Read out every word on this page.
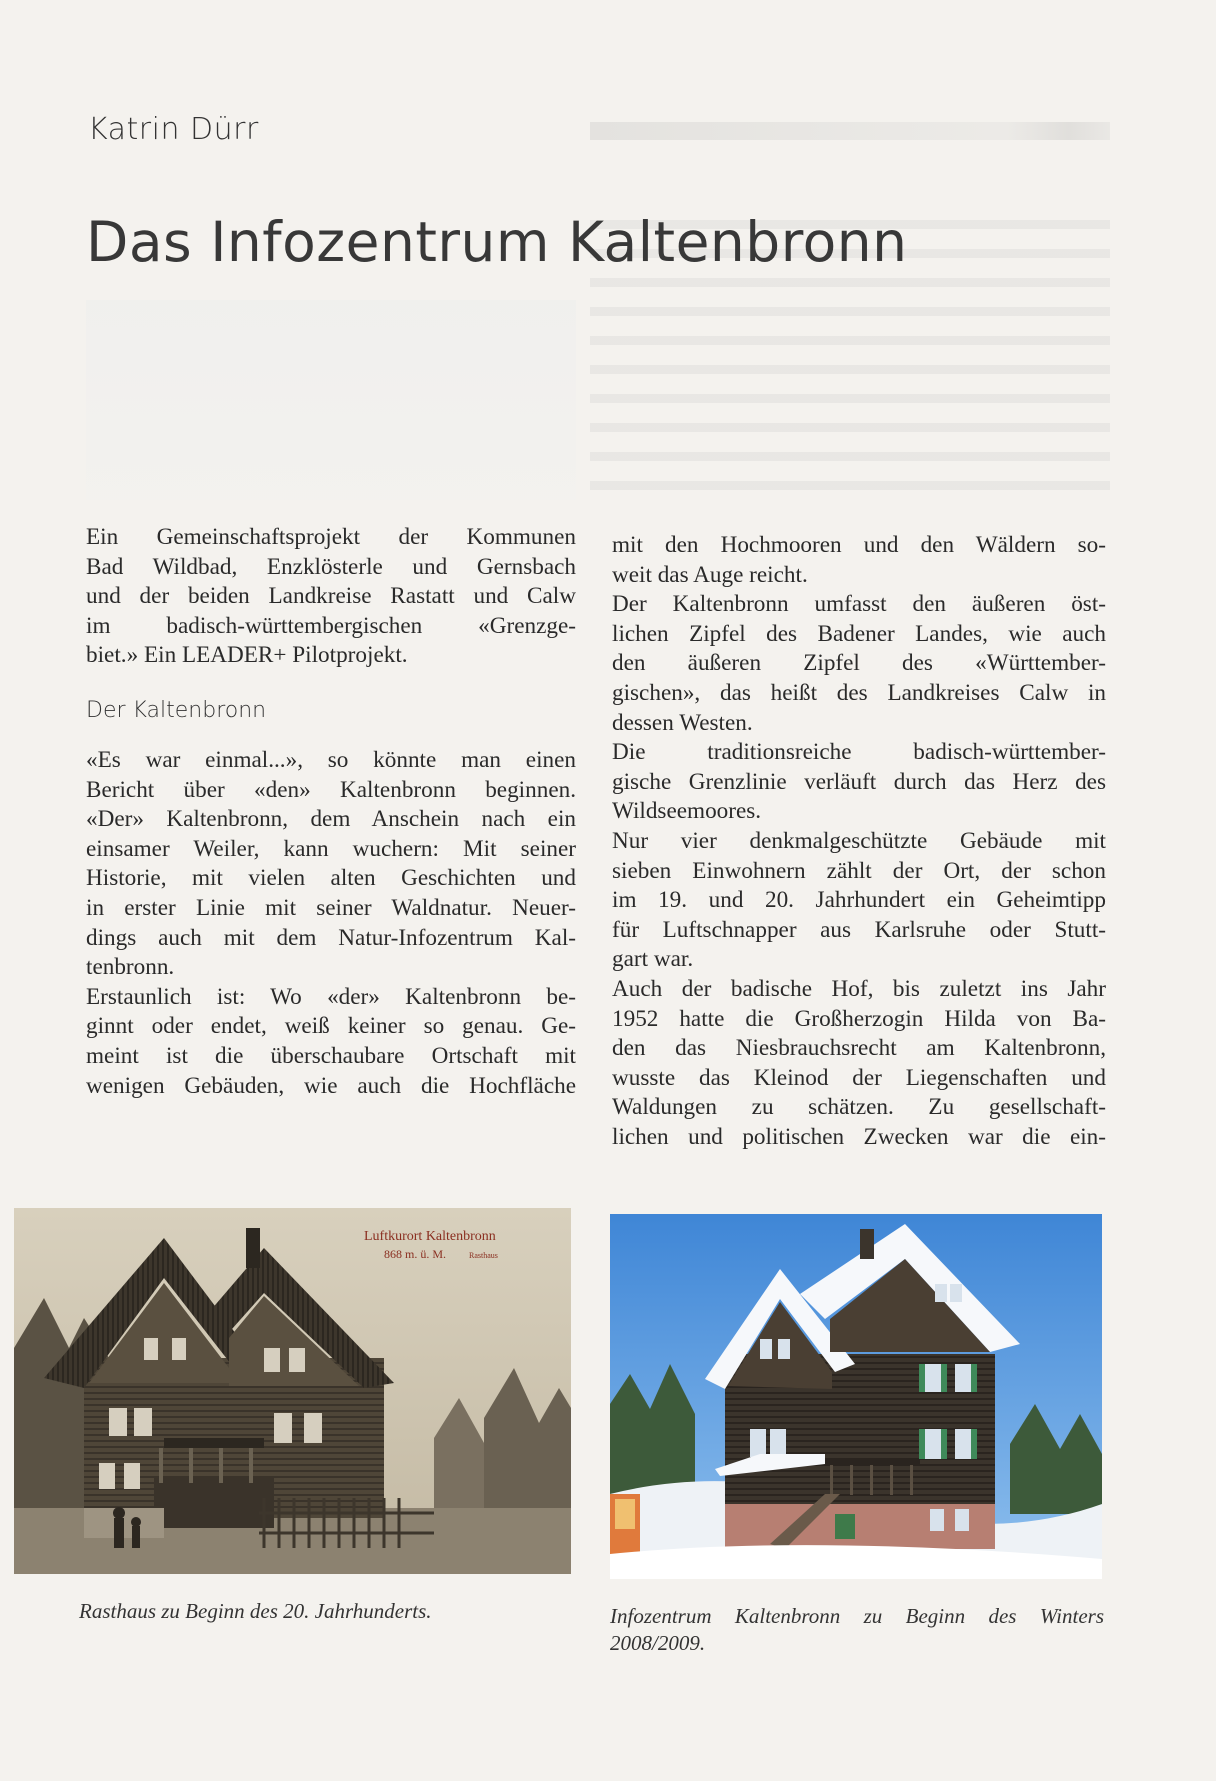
Katrin Dürr
Das Infozentrum Kaltenbronn

Ein Gemeinschaftsprojekt der Kommunen
Bad Wildbad, Enzklösterle und Gernsbach
und der beiden Landkreise Rastatt und Calw
im badisch-württembergischen «Grenzge-
biet.» Ein LEADER+ Pilotprojekt.

Der Kaltenbronn

«Es war einmal...», so könnte man einen
Bericht über «den» Kaltenbronn beginnen.
«Der» Kaltenbronn, dem Anschein nach ein
einsamer Weiler, kann wuchern: Mit seiner
Historie, mit vielen alten Geschichten und
in erster Linie mit seiner Waldnatur. Neuer-
dings auch mit dem Natur-Infozentrum Kal-
tenbronn.

Erstaunlich ist: Wo «der» Kaltenbronn be-
ginnt oder endet, weiß keiner so genau. Ge-
meint ist die überschaubare Ortschaft mit
wenigen Gebäuden, wie auch die Hochfläche

mit den Hochmooren und den Wäldern so-
weit das Auge reicht.

Der Kaltenbronn umfasst den äußeren öst-
lichen Zipfel des Badener Landes, wie auch
den äußeren Zipfel des «Württember-
gischen», das heißt des Landkreises Calw in
dessen Westen.

Die traditionsreiche badisch-württember-
gische Grenzlinie verläuft durch das Herz des
Wildseemoores.

Nur vier denkmalgeschützte Gebäude mit
sieben Einwohnern zählt der Ort, der schon
im 19. und 20. Jahrhundert ein Geheimtipp
für Luftschnapper aus Karlsruhe oder Stutt-
gart war.

Auch der badische Hof, bis zuletzt ins Jahr
1952 hatte die Großherzogin Hilda von Ba-
den das Niesbrauchsrecht am Kaltenbronn,
wusste das Kleinod der Liegenschaften und
Waldungen zu schätzen. Zu gesellschaft-
lichen und politischen Zwecken war die ein-

Luftkurort Kaltenbronn
868 m. ü. M.	Rasthaus
Rasthaus zu Beginn des 20. Jahrhunderts.	Infozentrum Kaltenbronn zu Beginn des Winters
2008/2009.
